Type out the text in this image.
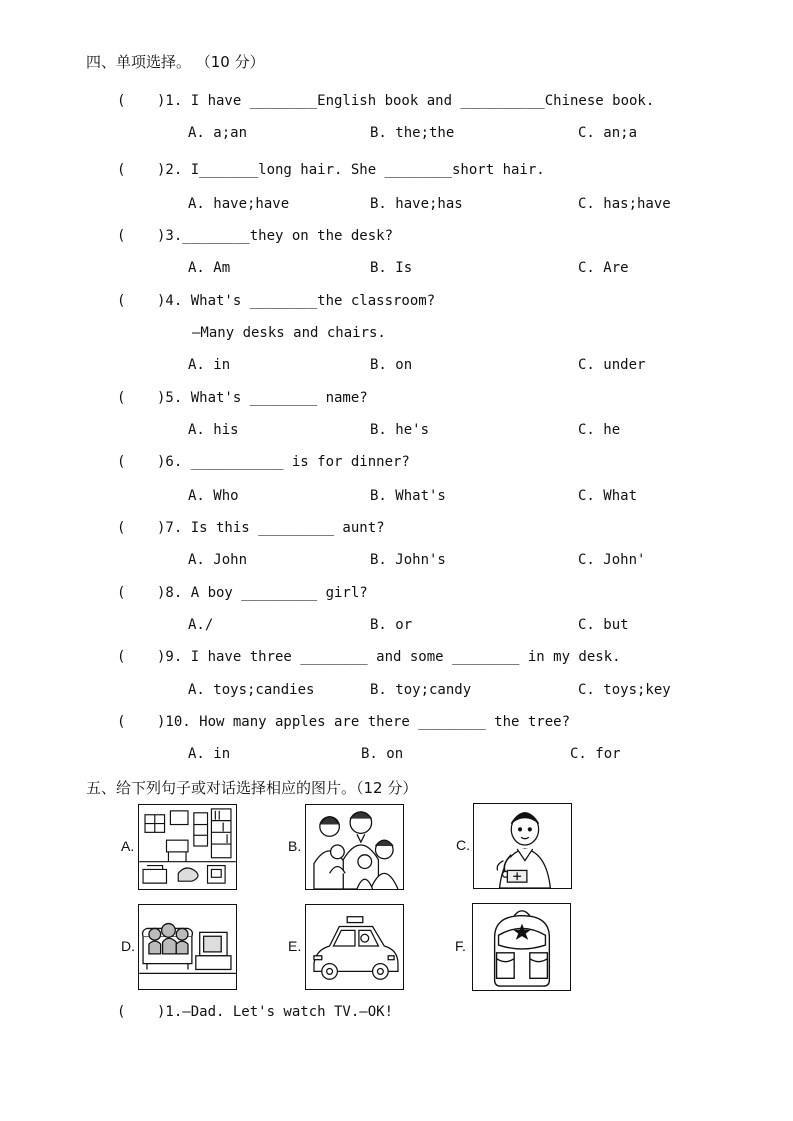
四、单项选择。 （10 分）
( )1. I have ________English book and __________Chinese book.
A. a;an	B. the;the	C. an;a
( )2. I_______long hair. She ________short hair.
A. have;have	B. have;has	C. has;have
( )3.________they on the desk?
A. Am	B. Is	C. Are
( )4. What's ________the classroom?
—Many desks and chairs.
A. in	B. on	C. under
( )5. What's ________ name?
A. his	B. he's	C. he
( )6. ___________ is for dinner?
A. Who	B. What's	C. What
( )7. Is this _________ aunt?
A. John	B. John's	C. John'
( )8. A boy _________ girl?
A./	B. or	C. but
( )9. I have three ________ and some ________ in my desk.
A. toys;candies	B. toy;candy	C. toys;key
( )10. How many apples are there ________ the tree?
A. in	B. on	C. for
五、给下列句子或对话选择相应的图片。（12 分）
A.	B.	C.
D.	E.	F.
( )1.—Dad. Let's watch TV.—OK!
